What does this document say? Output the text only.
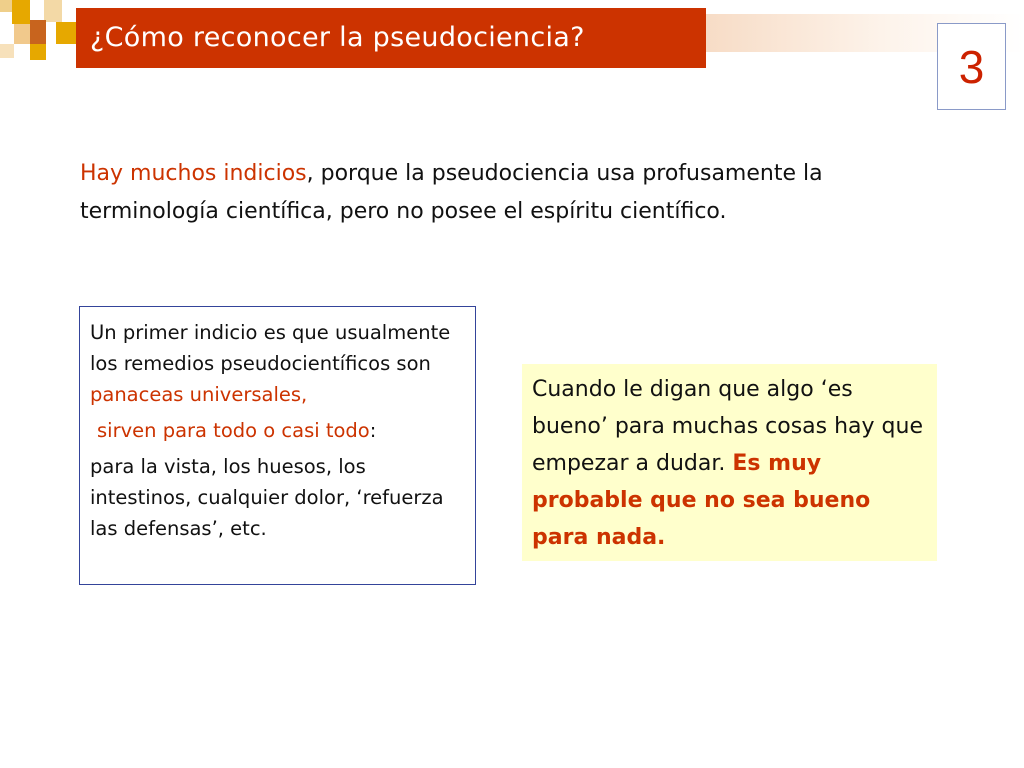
¿Cómo reconocer la pseudociencia?
3
Hay muchos indicios, porque la pseudociencia usa profusamente la terminología científica, pero no posee el espíritu científico.

Un primer indicio es que usualmente los remedios pseudocientíficos son panaceas universales,

sirven para todo o casi todo:

para la vista, los huesos, los intestinos, cualquier dolor, ‘refuerza las defensas’, etc.

Cuando le digan que algo ‘es bueno’ para muchas cosas hay que empezar a dudar. Es muy probable que no sea bueno para nada.
